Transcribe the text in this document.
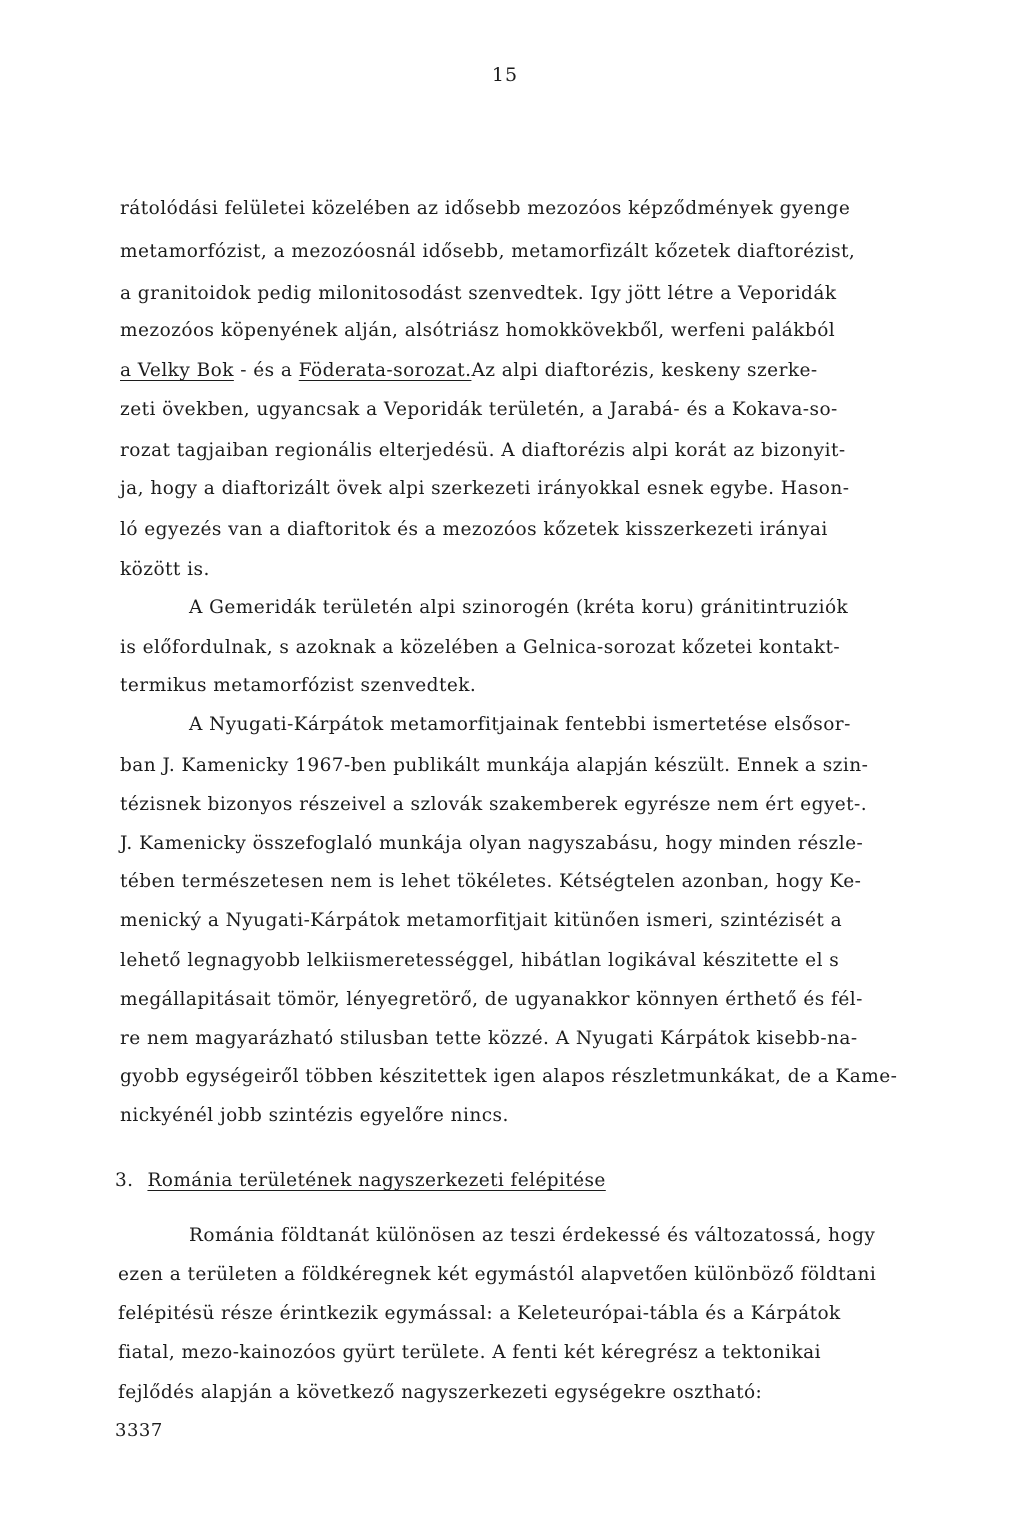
15
rátolódási felületei közelében az idősebb mezozóos képződmények gyenge
metamorfózist, a mezozóosnál idősebb, metamorfizált kőzetek diaftorézist,
a granitoidok pedig milonitosodást szenvedtek. Igy jött létre a Veporidák
mezozóos köpenyének alján, alsótriász homokkövekből, werfeni palákból
a Velky Bok - és a Föderata-sorozat.Az alpi diaftorézis, keskeny szerke-
zeti övekben, ugyancsak a Veporidák területén, a Jarabá- és a Kokava-so-
rozat tagjaiban regionális elterjedésü. A diaftorézis alpi korát az bizonyit-
ja, hogy a diaftorizált övek alpi szerkezeti irányokkal esnek egybe. Hason-
ló egyezés van a diaftoritok és a mezozóos kőzetek kisszerkezeti irányai
között is.
A Gemeridák területén alpi szinorogén (kréta koru) gránitintruziók
is előfordulnak, s azoknak a közelében a Gelnica-sorozat kőzetei kontakt-
termikus metamorfózist szenvedtek.
A Nyugati-Kárpátok metamorfitjainak fentebbi ismertetése elsősor-
ban J. Kamenicky 1967-ben publikált munkája alapján készült. Ennek a szin-
tézisnek bizonyos részeivel a szlovák szakemberek egyrésze nem ért egyet-.
J. Kamenicky összefoglaló munkája olyan nagyszabásu, hogy minden részle-
tében természetesen nem is lehet tökéletes. Kétségtelen azonban, hogy Ke-
menický a Nyugati-Kárpátok metamorfitjait kitünően ismeri, szintézisét a
lehető legnagyobb lelkiismeretességgel, hibátlan logikával készitette el s
megállapitásait tömör, lényegretörő, de ugyanakkor könnyen érthető és fél-
re nem magyarázható stilusban tette közzé. A Nyugati Kárpátok kisebb-na-
gyobb egységeiről többen készitettek igen alapos részletmunkákat, de a Kame-
nickyénél jobb szintézis egyelőre nincs.
3. Románia területének nagyszerkezeti felépitése
Románia földtanát különösen az teszi érdekessé és változatossá, hogy
ezen a területen a földkéregnek két egymástól alapvetően különböző földtani
felépitésü része érintkezik egymással: a Keleteurópai-tábla és a Kárpátok
fiatal, mezo-kainozóos gyürt területe. A fenti két kéregrész a tektonikai
fejlődés alapján a következő nagyszerkezeti egységekre osztható:
3337
